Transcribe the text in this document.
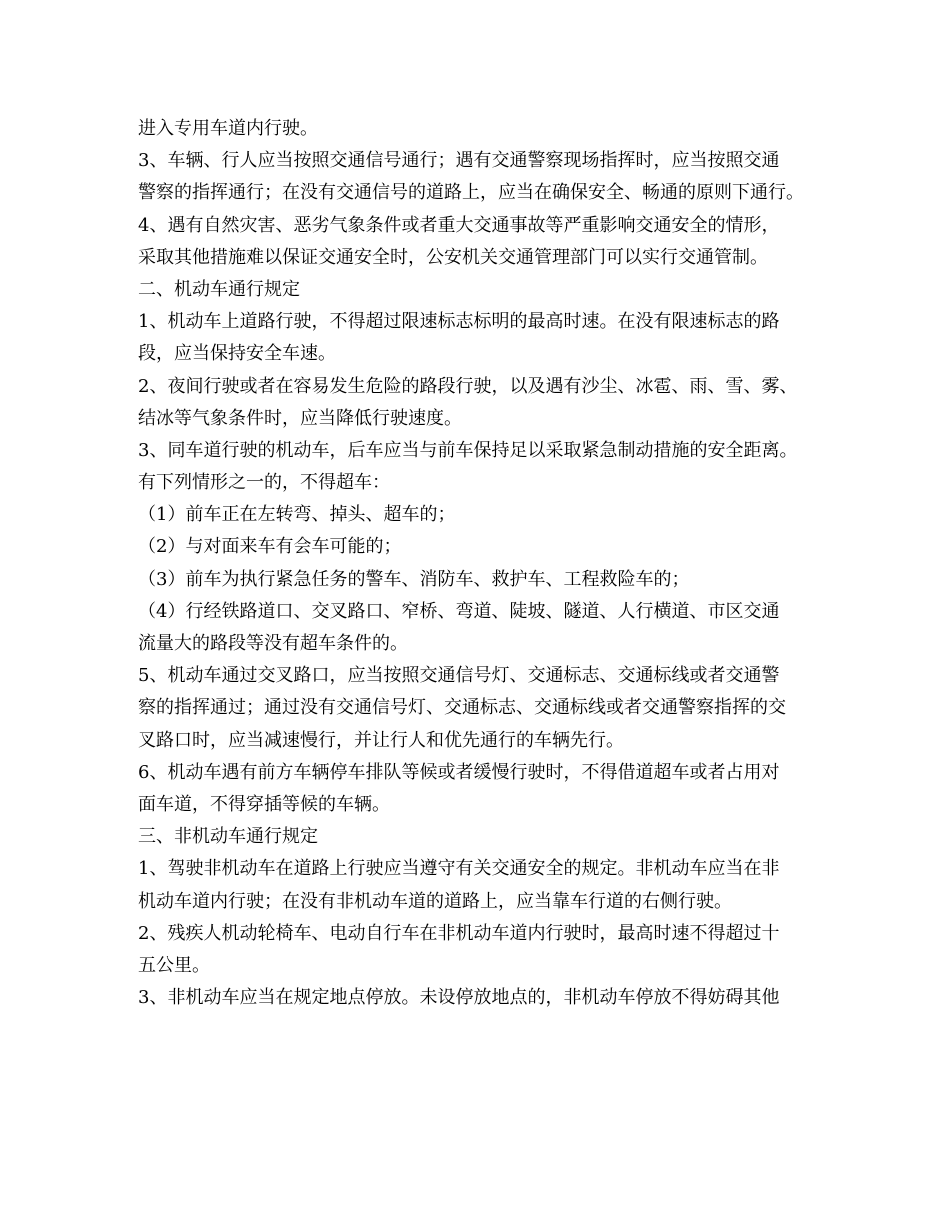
进入专用车道内行驶。
3、车辆、行人应当按照交通信号通行；遇有交通警察现场指挥时，应当按照交通
警察的指挥通行；在没有交通信号的道路上，应当在确保安全、畅通的原则下通行。
4、遇有自然灾害、恶劣气象条件或者重大交通事故等严重影响交通安全的情形，
采取其他措施难以保证交通安全时，公安机关交通管理部门可以实行交通管制。
二、机动车通行规定
1、机动车上道路行驶，不得超过限速标志标明的最高时速。在没有限速标志的路
段，应当保持安全车速。
2、夜间行驶或者在容易发生危险的路段行驶，以及遇有沙尘、冰雹、雨、雪、雾、
结冰等气象条件时，应当降低行驶速度。
3、同车道行驶的机动车，后车应当与前车保持足以采取紧急制动措施的安全距离。
有下列情形之一的，不得超车：
（1）前车正在左转弯、掉头、超车的；
（2）与对面来车有会车可能的；
（3）前车为执行紧急任务的警车、消防车、救护车、工程救险车的；
（4）行经铁路道口、交叉路口、窄桥、弯道、陡坡、隧道、人行横道、市区交通
流量大的路段等没有超车条件的。
5、机动车通过交叉路口，应当按照交通信号灯、交通标志、交通标线或者交通警
察的指挥通过；通过没有交通信号灯、交通标志、交通标线或者交通警察指挥的交
叉路口时，应当减速慢行，并让行人和优先通行的车辆先行。
6、机动车遇有前方车辆停车排队等候或者缓慢行驶时，不得借道超车或者占用对
面车道，不得穿插等候的车辆。
三、非机动车通行规定
1、驾驶非机动车在道路上行驶应当遵守有关交通安全的规定。非机动车应当在非
机动车道内行驶；在没有非机动车道的道路上，应当靠车行道的右侧行驶。
2、残疾人机动轮椅车、电动自行车在非机动车道内行驶时，最高时速不得超过十
五公里。
3、非机动车应当在规定地点停放。未设停放地点的，非机动车停放不得妨碍其他
